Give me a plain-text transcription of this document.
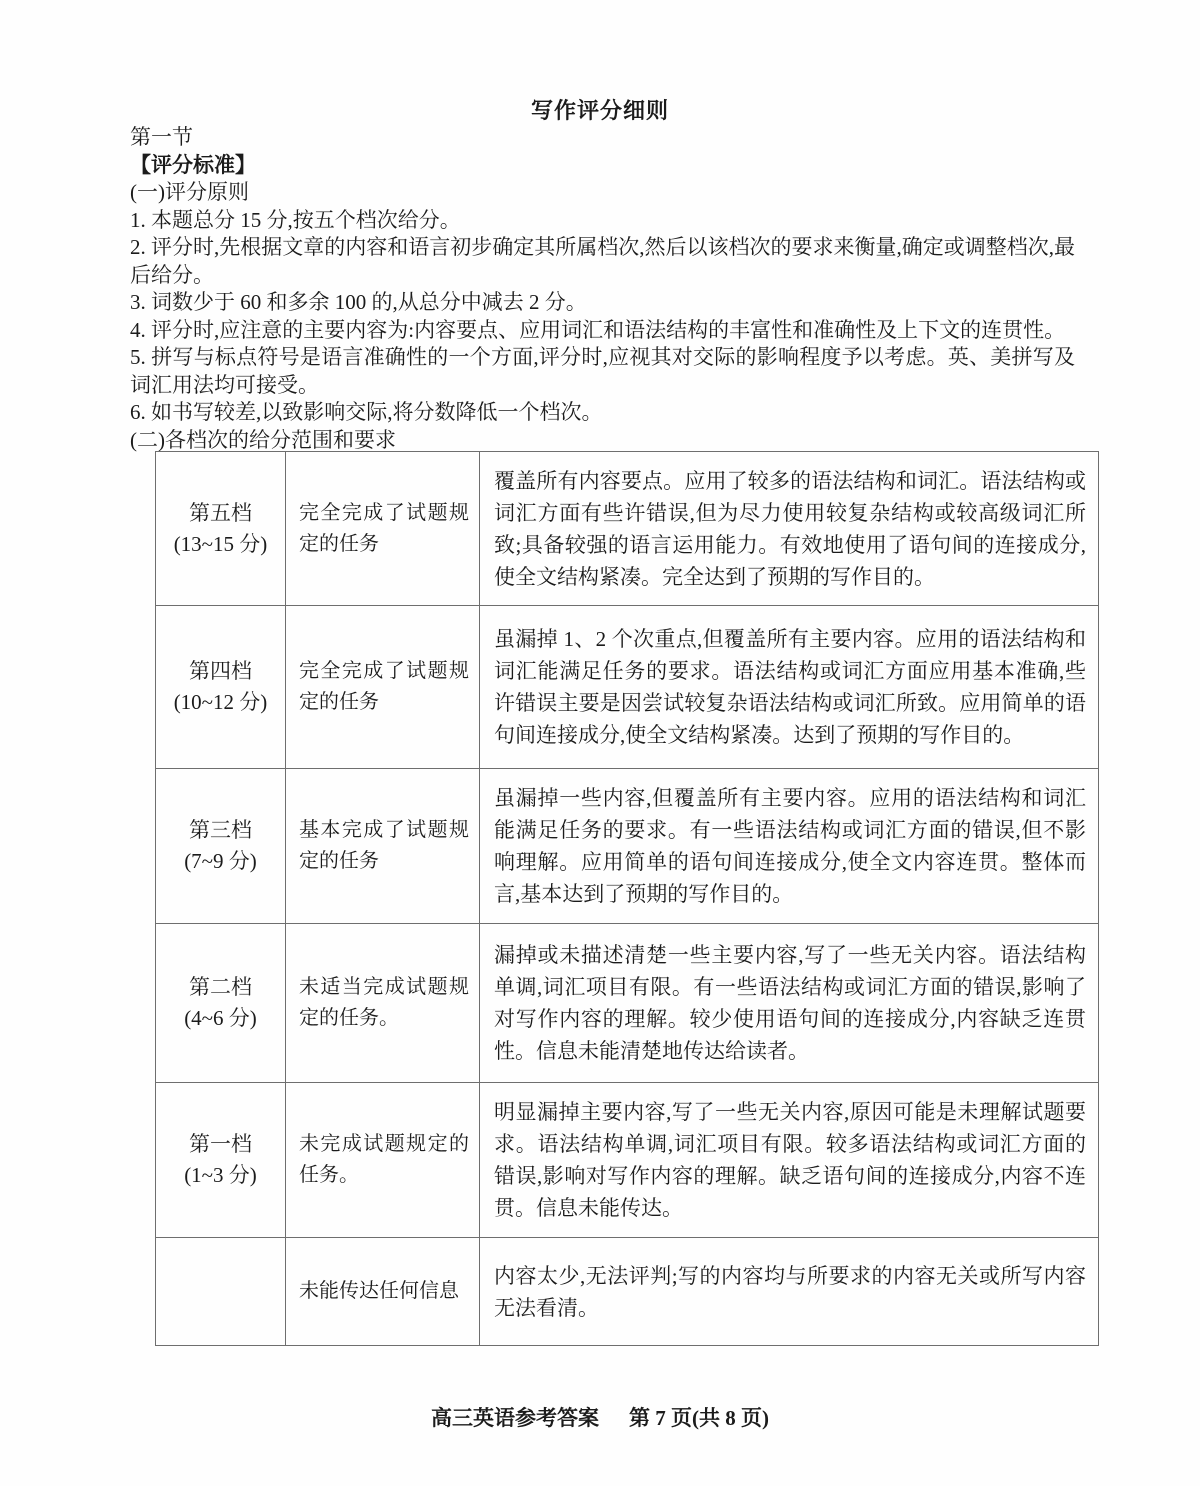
写作评分细则

第一节

【评分标准】

(一)评分原则

1. 本题总分 15 分,按五个档次给分。

2. 评分时,先根据文章的内容和语言初步确定其所属档次,然后以该档次的要求来衡量,确定或调整档次,最后给分。

3. 词数少于 60 和多余 100 的,从总分中减去 2 分。

4. 评分时,应注意的主要内容为:内容要点、应用词汇和语法结构的丰富性和准确性及上下文的连贯性。

5. 拼写与标点符号是语言准确性的一个方面,评分时,应视其对交际的影响程度予以考虑。英、美拼写及词汇用法均可接受。

6. 如书写较差,以致影响交际,将分数降低一个档次。

(二)各档次的给分范围和要求

第五档
(13~15 分)	完全完成了试题规定的任务	覆盖所有内容要点。应用了较多的语法结构和词汇。语法结构或词汇方面有些许错误,但为尽力使用较复杂结构或较高级词汇所致;具备较强的语言运用能力。有效地使用了语句间的连接成分,使全文结构紧凑。完全达到了预期的写作目的。

第四档
(10~12 分)	完全完成了试题规定的任务	虽漏掉 1、2 个次重点,但覆盖所有主要内容。应用的语法结构和词汇能满足任务的要求。语法结构或词汇方面应用基本准确,些许错误主要是因尝试较复杂语法结构或词汇所致。应用简单的语句间连接成分,使全文结构紧凑。达到了预期的写作目的。

第三档
(7~9 分)	基本完成了试题规定的任务	虽漏掉一些内容,但覆盖所有主要内容。应用的语法结构和词汇能满足任务的要求。有一些语法结构或词汇方面的错误,但不影响理解。应用简单的语句间连接成分,使全文内容连贯。整体而言,基本达到了预期的写作目的。

第二档
(4~6 分)	未适当完成试题规定的任务。	漏掉或未描述清楚一些主要内容,写了一些无关内容。语法结构单调,词汇项目有限。有一些语法结构或词汇方面的错误,影响了对写作内容的理解。较少使用语句间的连接成分,内容缺乏连贯性。信息未能清楚地传达给读者。

第一档
(1~3 分)	未完成试题规定的任务。	明显漏掉主要内容,写了一些无关内容,原因可能是未理解试题要求。语法结构单调,词汇项目有限。较多语法结构或词汇方面的错误,影响对写作内容的理解。缺乏语句间的连接成分,内容不连贯。信息未能传达。

	未能传达任何信息	内容太少,无法评判;写的内容均与所要求的内容无关或所写内容无法看清。
高三英语参考答案 第 7 页(共 8 页)
